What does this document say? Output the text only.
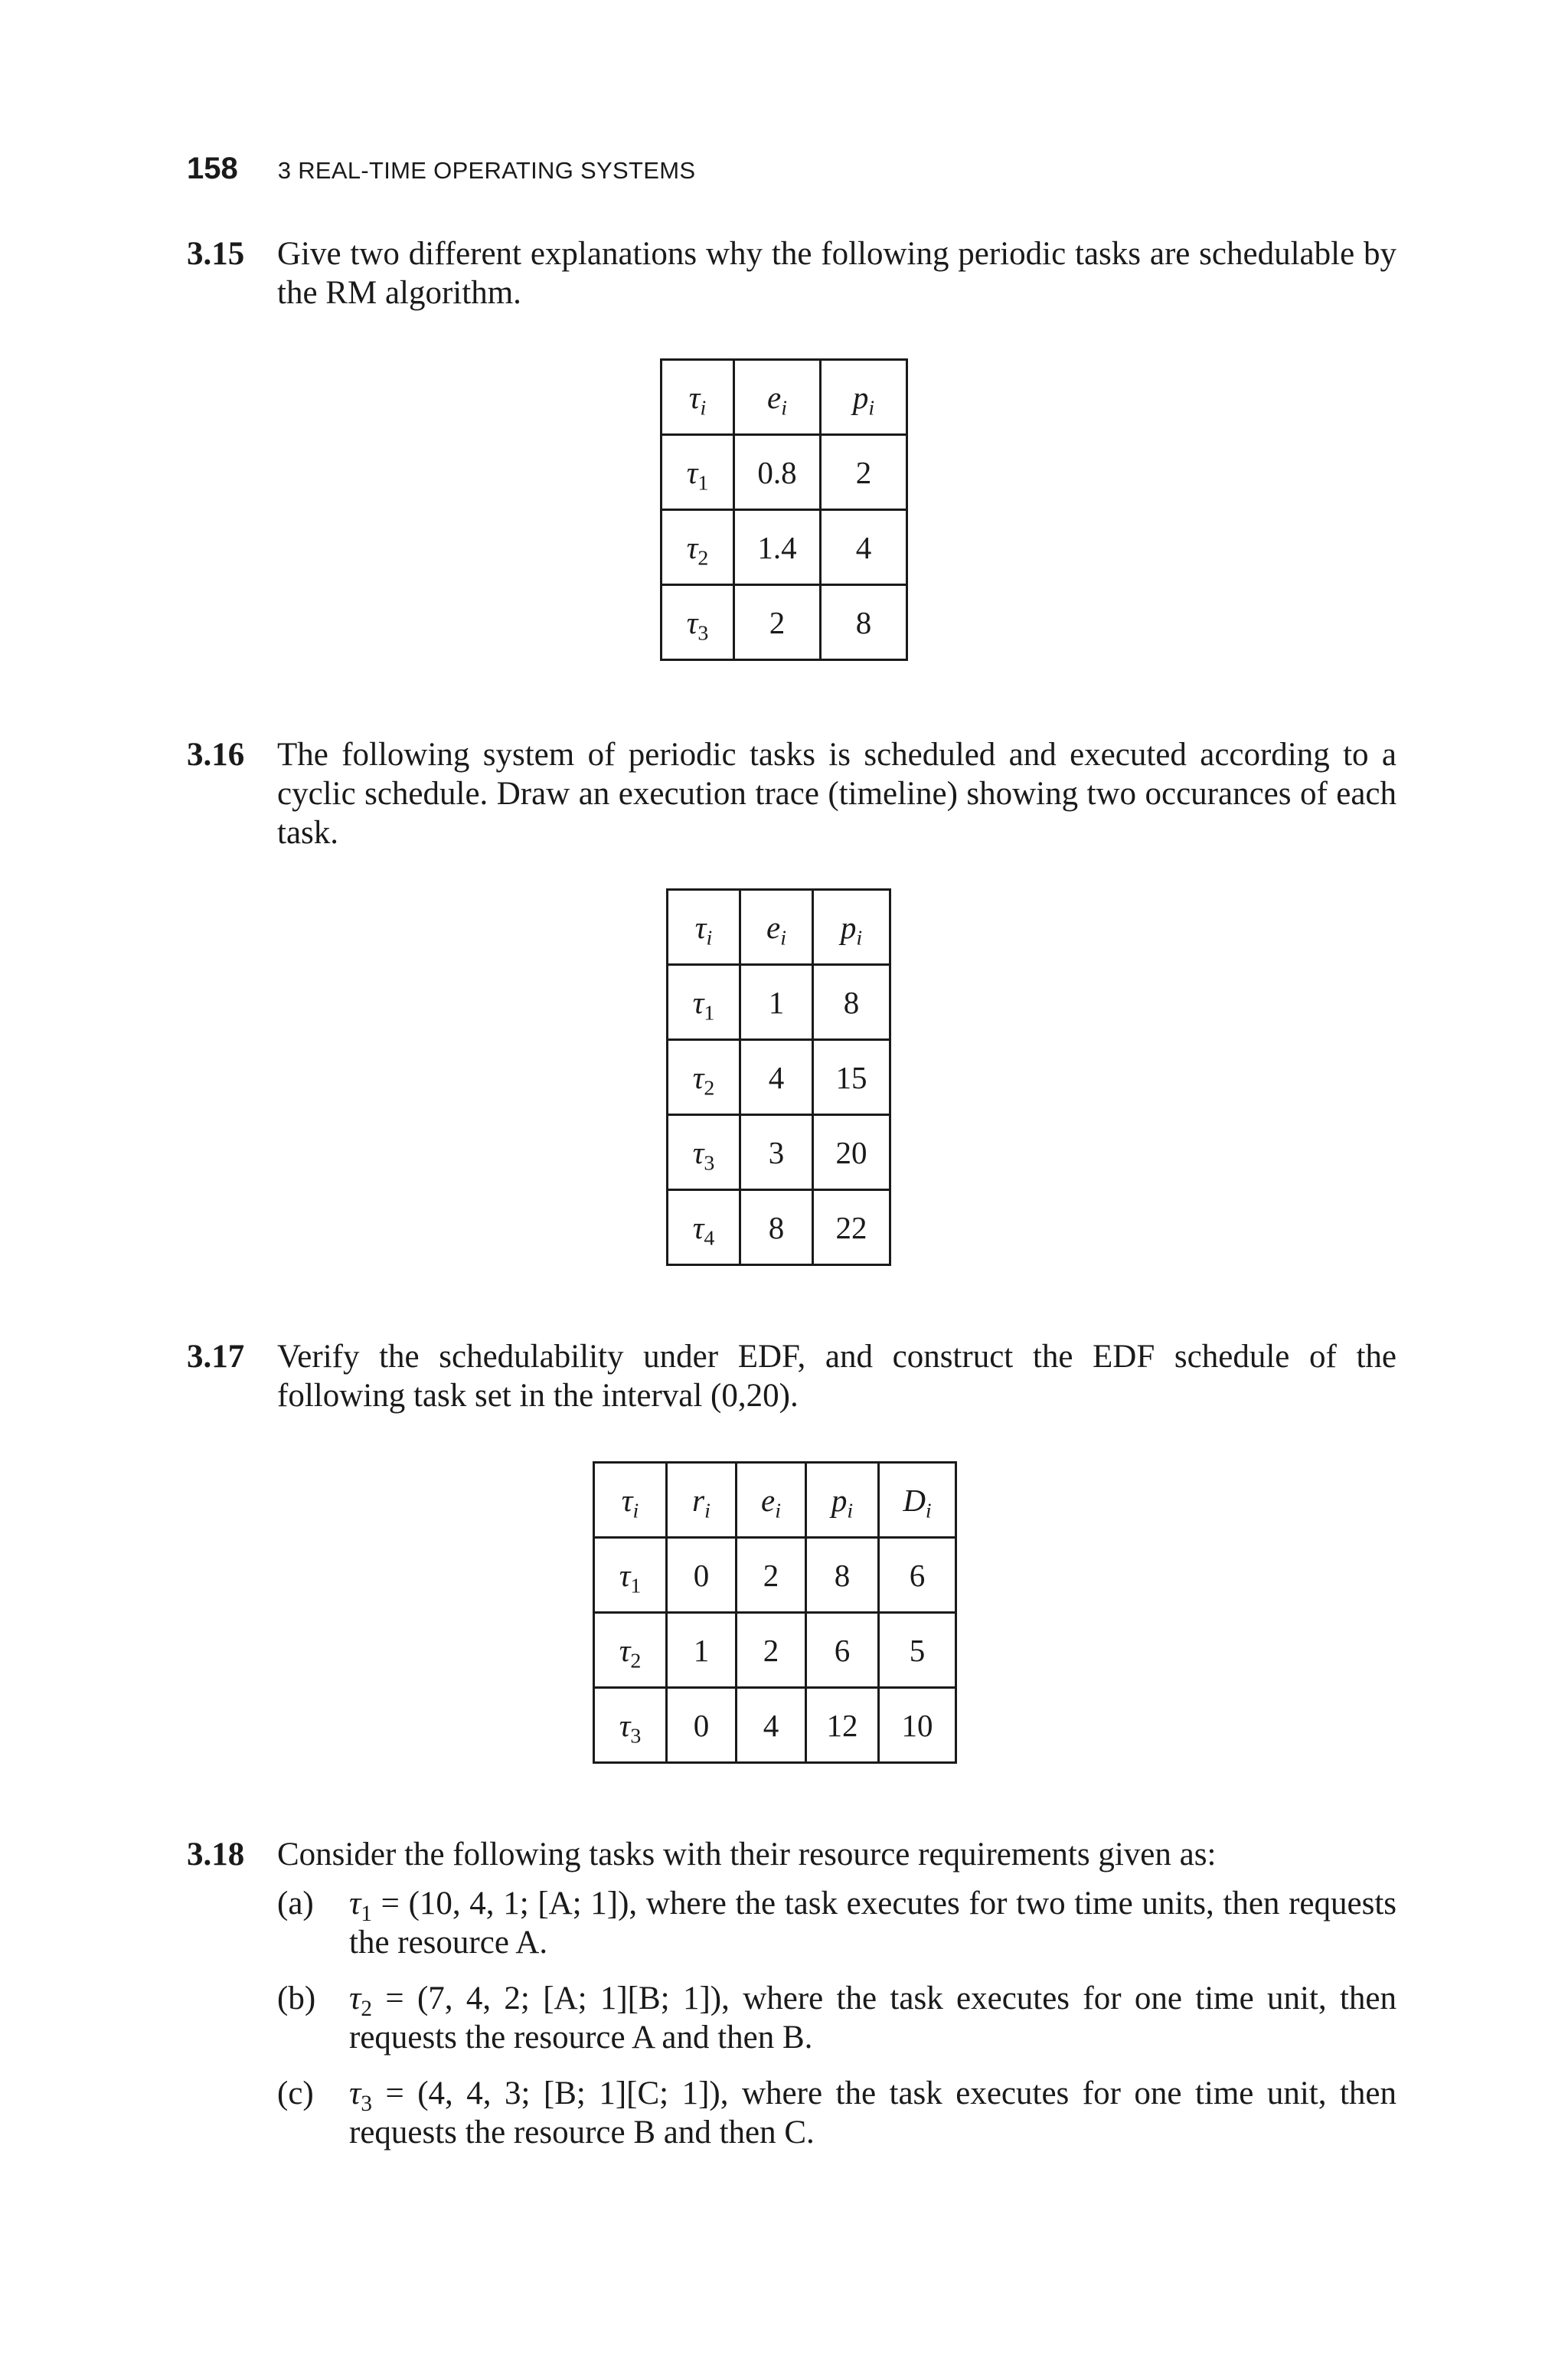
158 3 REAL-TIME OPERATING SYSTEMS
3.15 Give two different explanations why the following periodic tasks are schedulable by the RM algorithm.
$\tau_i$	$e_i$	$p_i$
$\tau_1$	0.8	2
$\tau_2$	1.4	4
$\tau_3$	2	8
3.16 The following system of periodic tasks is scheduled and executed according to a cyclic schedule. Draw an execution trace (timeline) showing two occurances of each task.
$\tau_i$	$e_i$	$p_i$
$\tau_1$	1	8
$\tau_2$	4	15
$\tau_3$	3	20
$\tau_4$	8	22
3.17 Verify the schedulability under EDF, and construct the EDF schedule of the following task set in the interval (0,20).
$\tau_i$	$r_i$	$e_i$	$p_i$	$D_i$
$\tau_1$	0	2	8	6
$\tau_2$	1	2	6	5
$\tau_3$	0	4	12	10
3.18 Consider the following tasks with their resource requirements given as:
(a) $\tau_1 = (10$, 4, 1; [A; 1]), where the task executes for two time units, then requests the resource A.
(b) $\tau_2 = (7$, 4, 2; [A; 1][B; 1]), where the task executes for one time unit, then requests the resource A and then B.
(c) $\tau_3 = (4$, 4, 3; [B; 1][C; 1]), where the task executes for one time unit, then requests the resource B and then C.
